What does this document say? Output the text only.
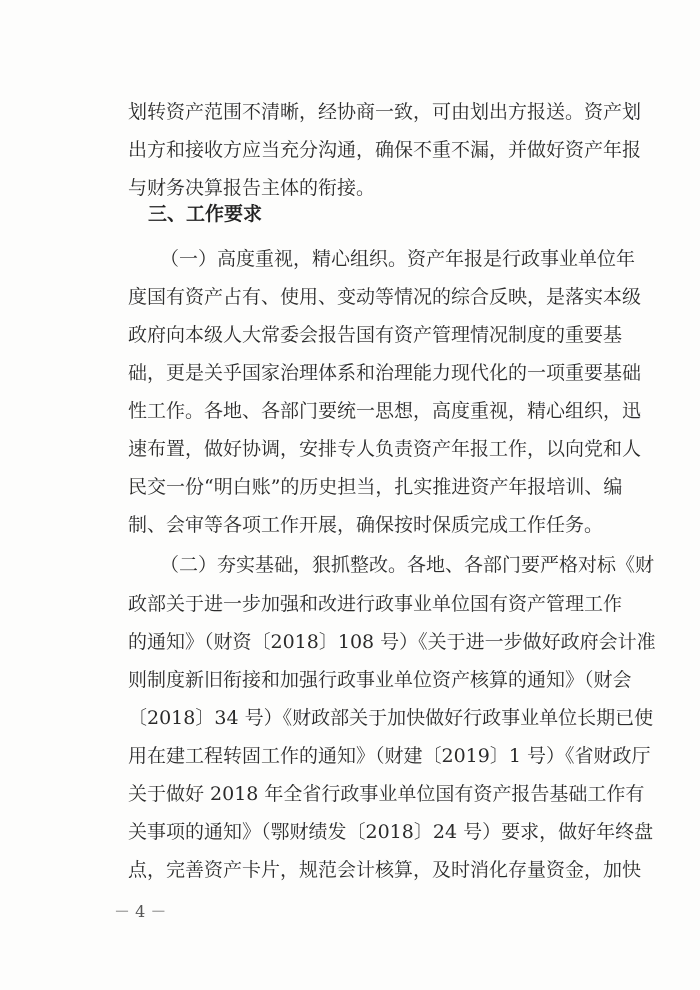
划转资产范围不清晰，经协商一致，可由划出方报送。资产划
出方和接收方应当充分沟通，确保不重不漏，并做好资产年报
与财务决算报告主体的衔接。
三、工作要求
（一）高度重视，精心组织。资产年报是行政事业单位年
度国有资产占有、使用、变动等情况的综合反映，是落实本级
政府向本级人大常委会报告国有资产管理情况制度的重要基
础，更是关乎国家治理体系和治理能力现代化的一项重要基础
性工作。各地、各部门要统一思想，高度重视，精心组织，迅
速布置，做好协调，安排专人负责资产年报工作，以向党和人
民交一份“明白账”的历史担当，扎实推进资产年报培训、编
制、会审等各项工作开展，确保按时保质完成工作任务。
（二）夯实基础，狠抓整改。各地、各部门要严格对标《财
政部关于进一步加强和改进行政事业单位国有资产管理工作
的通知》（财资〔2018〕108 号）《关于进一步做好政府会计准
则制度新旧衔接和加强行政事业单位资产核算的通知》（财会
〔2018〕34 号）《财政部关于加快做好行政事业单位长期已使
用在建工程转固工作的通知》（财建〔2019〕1 号）《省财政厅
关于做好 2018 年全省行政事业单位国有资产报告基础工作有
关事项的通知》（鄂财绩发〔2018〕24 号）要求，做好年终盘
点，完善资产卡片，规范会计核算，及时消化存量资金，加快
－ 4 －
